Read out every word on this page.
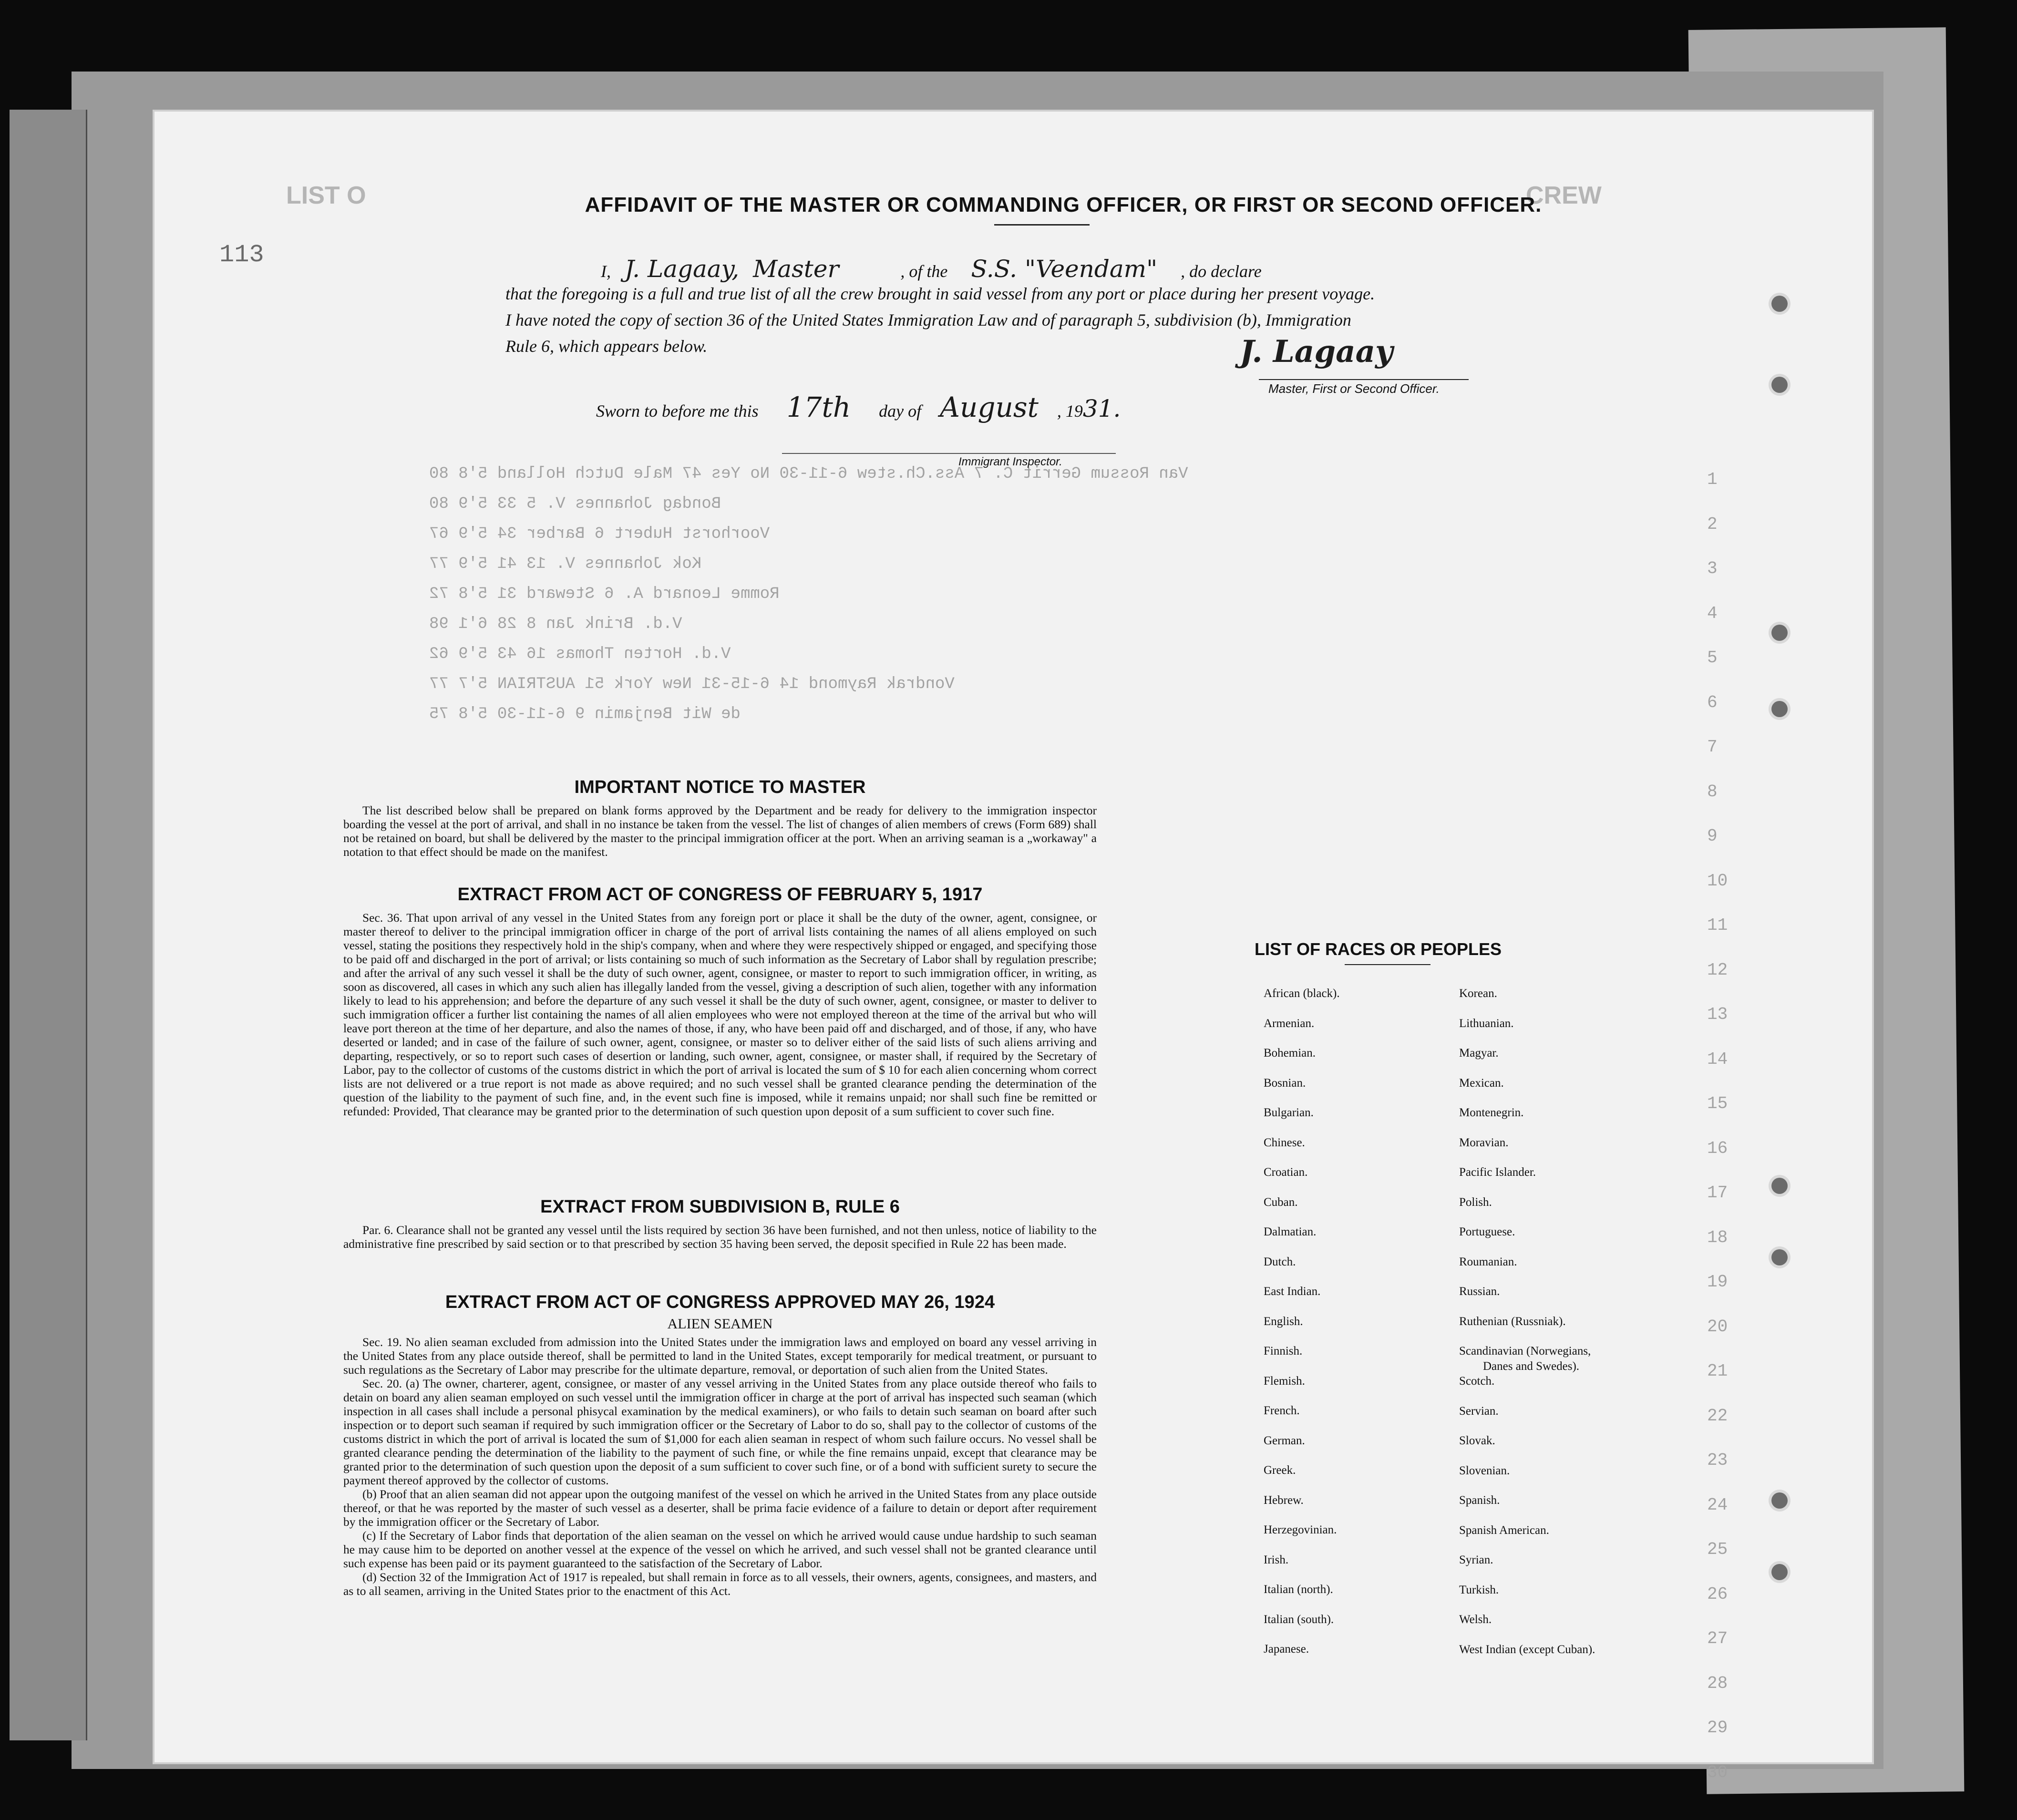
113
CREW
LIST O
Van Rossum Gerrit C. 7 Ass.Ch.stew 6-11-30 No Yes 47 Male Dutch Holland 5'8 80
Bondag Johannes V. 5 33 5'9 80
Voorhorst Hubert 6 Barber 34 5'9 67
Kok Johannes V. 13 41 5'9 77
Romme Leonard A. 6 Steward 31 5'8 72
V.d. Brink Jan 8 28 6'1 98
V.d. Horten Thomas 16 43 5'9 62
Vondrak Raymond 14 6-15-31 New York 51 AUSTRIAN 5'7 77
de Wit Benjamin 9 6-11-30 5'8 75
1
2
3
4
5
6
7
8
9
10
11
12
13
14
15
16
17
18
19
20
21
22
23
24
25
26
27
28
29
30
AFFIDAVIT OF THE MASTER OR COMMANDING OFFICER, OR FIRST OR SECOND OFFICER.
I, J. Lagaay, Master	, of the S.S. "Veendam" , do declare
that the foregoing is a full and true list of all the crew brought in said vessel from any port or place during her present voyage.
I have noted the copy of section 36 of the United States Immigration Law and of paragraph 5, subdivision (b), Immigration
Rule 6, which appears below.	J. Lagaay
Master, First or Second Officer.
Sworn to before me this 17th day of August , 1931.
Immigrant Inspector.
IMPORTANT NOTICE TO MASTER

The list described below shall be prepared on blank forms approved by the Department and be ready for delivery to the immigration inspector boarding the vessel at the port of arrival, and shall in no instance be taken from the vessel. The list of changes of alien members of crews (Form 689) shall not be retained on board, but shall be delivered by the master to the principal immigration officer at the port. When an arriving seaman is a „workaway" a notation to that effect should be made on the manifest.

EXTRACT FROM ACT OF CONGRESS OF FEBRUARY 5, 1917

Sec. 36. That upon arrival of any vessel in the United States from any foreign port or place it shall be the duty of the owner, agent, consignee, or master thereof to deliver to the principal immigration officer in charge of the port of arrival lists containing the names of all aliens employed on such vessel, stating the positions they respectively hold in the ship's company, when and where they were respectively shipped or engaged, and specifying those to be paid off and discharged in the port of arrival; or lists containing so much of such information as the Secretary of Labor shall by regulation prescribe; and after the arrival of any such vessel it shall be the duty of such owner, agent, consignee, or master to report to such immigration officer, in writing, as soon as discovered, all cases in which any such alien has illegally landed from the vessel, giving a description of such alien, together with any information likely to lead to his apprehension; and before the departure of any such vessel it shall be the duty of such owner, agent, consignee, or master to deliver to such immigration officer a further list containing the names of all alien employees who were not employed thereon at the time of the arrival but who will leave port thereon at the time of her departure, and also the names of those, if any, who have been paid off and discharged, and of those, if any, who have deserted or landed; and in case of the failure of such owner, agent, consignee, or master so to deliver either of the said lists of such aliens arriving and departing, respectively, or so to report such cases of desertion or landing, such owner, agent, consignee, or master shall, if required by the Secretary of Labor, pay to the collector of customs of the customs district in which the port of arrival is located the sum of $ 10 for each alien concerning whom correct lists are not delivered or a true report is not made as above required; and no such vessel shall be granted clearance pending the determination of the question of the liability to the payment of such fine, and, in the event such fine is imposed, while it remains unpaid; nor shall such fine be remitted or refunded: Provided, That clearance may be granted prior to the determination of such question upon deposit of a sum sufficient to cover such fine.

EXTRACT FROM SUBDIVISION B, RULE 6

Par. 6. Clearance shall not be granted any vessel until the lists required by section 36 have been furnished, and not then unless, notice of liability to the administrative fine prescribed by said section or to that prescribed by section 35 having been served, the deposit specified in Rule 22 has been made.

EXTRACT FROM ACT OF CONGRESS APPROVED MAY 26, 1924
ALIEN SEAMEN

Sec. 19. No alien seaman excluded from admission into the United States under the immigration laws and employed on board any vessel arriving in the United States from any place outside thereof, shall be permitted to land in the United States, except temporarily for medical treatment, or pursuant to such regulations as the Secretary of Labor may prescribe for the ultimate departure, removal, or deportation of such alien from the United States.

Sec. 20. (a) The owner, charterer, agent, consignee, or master of any vessel arriving in the United States from any place outside thereof who fails to detain on board any alien seaman employed on such vessel until the immigration officer in charge at the port of arrival has inspected such seaman (which inspection in all cases shall include a personal phisycal examination by the medical examiners), or who fails to detain such seaman on board after such inspection or to deport such seaman if required by such immigration officer or the Secretary of Labor to do so, shall pay to the collector of customs of the customs district in which the port of arrival is located the sum of $1,000 for each alien seaman in respect of whom such failure occurs. No vessel shall be granted clearance pending the determination of the liability to the payment of such fine, or while the fine remains unpaid, except that clearance may be granted prior to the determination of such question upon the deposit of a sum sufficient to cover such fine, or of a bond with sufficient surety to secure the payment thereof approved by the collector of customs.

(b) Proof that an alien seaman did not appear upon the outgoing manifest of the vessel on which he arrived in the United States from any place outside thereof, or that he was reported by the master of such vessel as a deserter, shall be prima facie evidence of a failure to detain or deport after requirement by the immigration officer or the Secretary of Labor.

(c) If the Secretary of Labor finds that deportation of the alien seaman on the vessel on which he arrived would cause undue hardship to such seaman he may cause him to be deported on another vessel at the expence of the vessel on which he arrived, and such vessel shall not be granted clearance until such expense has been paid or its payment guaranteed to the satisfaction of the Secretary of Labor.

(d) Section 32 of the Immigration Act of 1917 is repealed, but shall remain in force as to all vessels, their owners, agents, consignees, and masters, and as to all seamen, arriving in the United States prior to the enactment of this Act.

LIST OF RACES OR PEOPLES
African (black).
Armenian.
Bohemian.
Bosnian.
Bulgarian.
Chinese.
Croatian.
Cuban.
Dalmatian.
Dutch.
East Indian.
English.
Finnish.
Flemish.
French.
German.
Greek.
Hebrew.
Herzegovinian.
Irish.
Italian (north).
Italian (south).
Japanese.
Korean.
Lithuanian.
Magyar.
Mexican.
Montenegrin.
Moravian.
Pacific Islander.
Polish.
Portuguese.
Roumanian.
Russian.
Ruthenian (Russniak).
Scandinavian (Norwegians,
Danes and Swedes).
Scotch.
Servian.
Slovak.
Slovenian.
Spanish.
Spanish American.
Syrian.
Turkish.
Welsh.
West Indian (except Cuban).
